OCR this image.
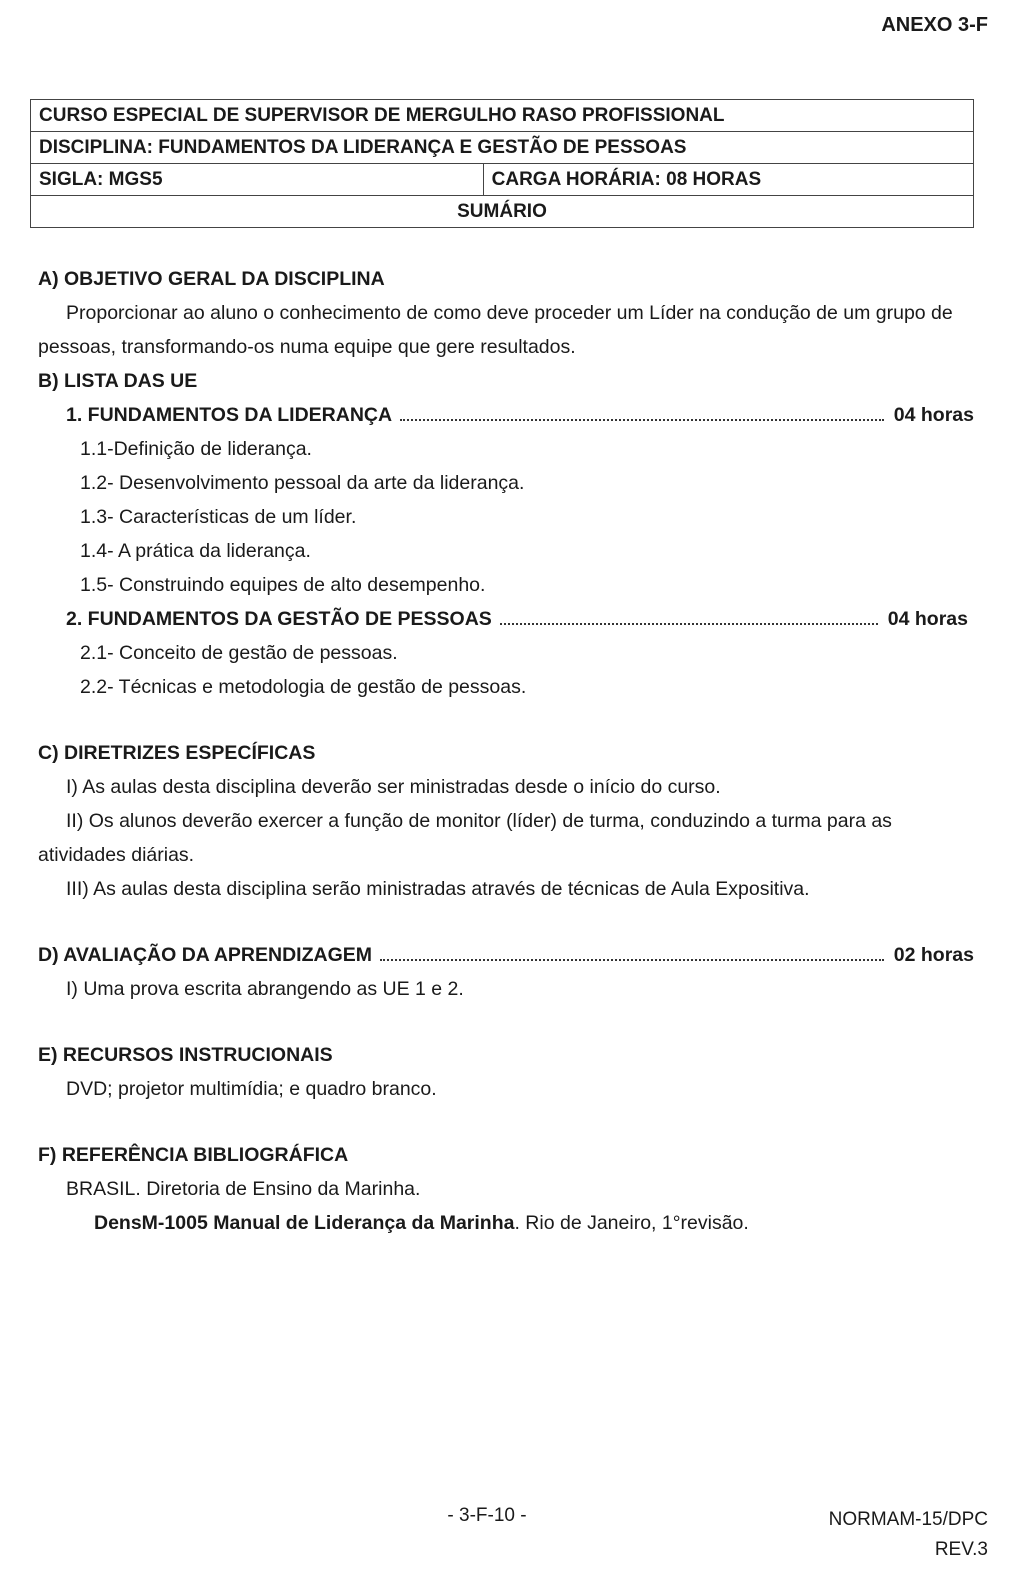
ANEXO 3-F
CURSO ESPECIAL DE SUPERVISOR DE MERGULHO RASO PROFISSIONAL
DISCIPLINA: FUNDAMENTOS DA LIDERANÇA E GESTÃO DE PESSOAS
SIGLA: MGS5	CARGA HORÁRIA: 08 HORAS
SUMÁRIO
A) OBJETIVO GERAL DA DISCIPLINA
Proporcionar ao aluno o conhecimento de como deve proceder um Líder na condução de um grupo de pessoas, transformando-os numa equipe que gere resultados.
B) LISTA DAS UE
1. FUNDAMENTOS DA LIDERANÇA	04 horas
1.1-Definição de liderança.
1.2- Desenvolvimento pessoal da arte da liderança.
1.3- Características de um líder.
1.4- A prática da liderança.
1.5- Construindo equipes de alto desempenho.
2. FUNDAMENTOS DA GESTÃO DE PESSOAS	04 horas
2.1- Conceito de gestão de pessoas.
2.2- Técnicas e metodologia de gestão de pessoas.
C) DIRETRIZES ESPECÍFICAS
I) As aulas desta disciplina deverão ser ministradas desde o início do curso.
II) Os alunos deverão exercer a função de monitor (líder) de turma, conduzindo a turma para as atividades diárias.
III) As aulas desta disciplina serão ministradas através de técnicas de Aula Expositiva.
D) AVALIAÇÃO DA APRENDIZAGEM	02 horas
I) Uma prova escrita abrangendo as UE 1 e 2.
E) RECURSOS INSTRUCIONAIS
DVD; projetor multimídia; e quadro branco.
F) REFERÊNCIA BIBLIOGRÁFICA
BRASIL. Diretoria de Ensino da Marinha.
DensM-1005 Manual de Liderança da Marinha. Rio de Janeiro, 1°revisão.
- 3-F-10 -	NORMAM-15/DPC
REV.3
